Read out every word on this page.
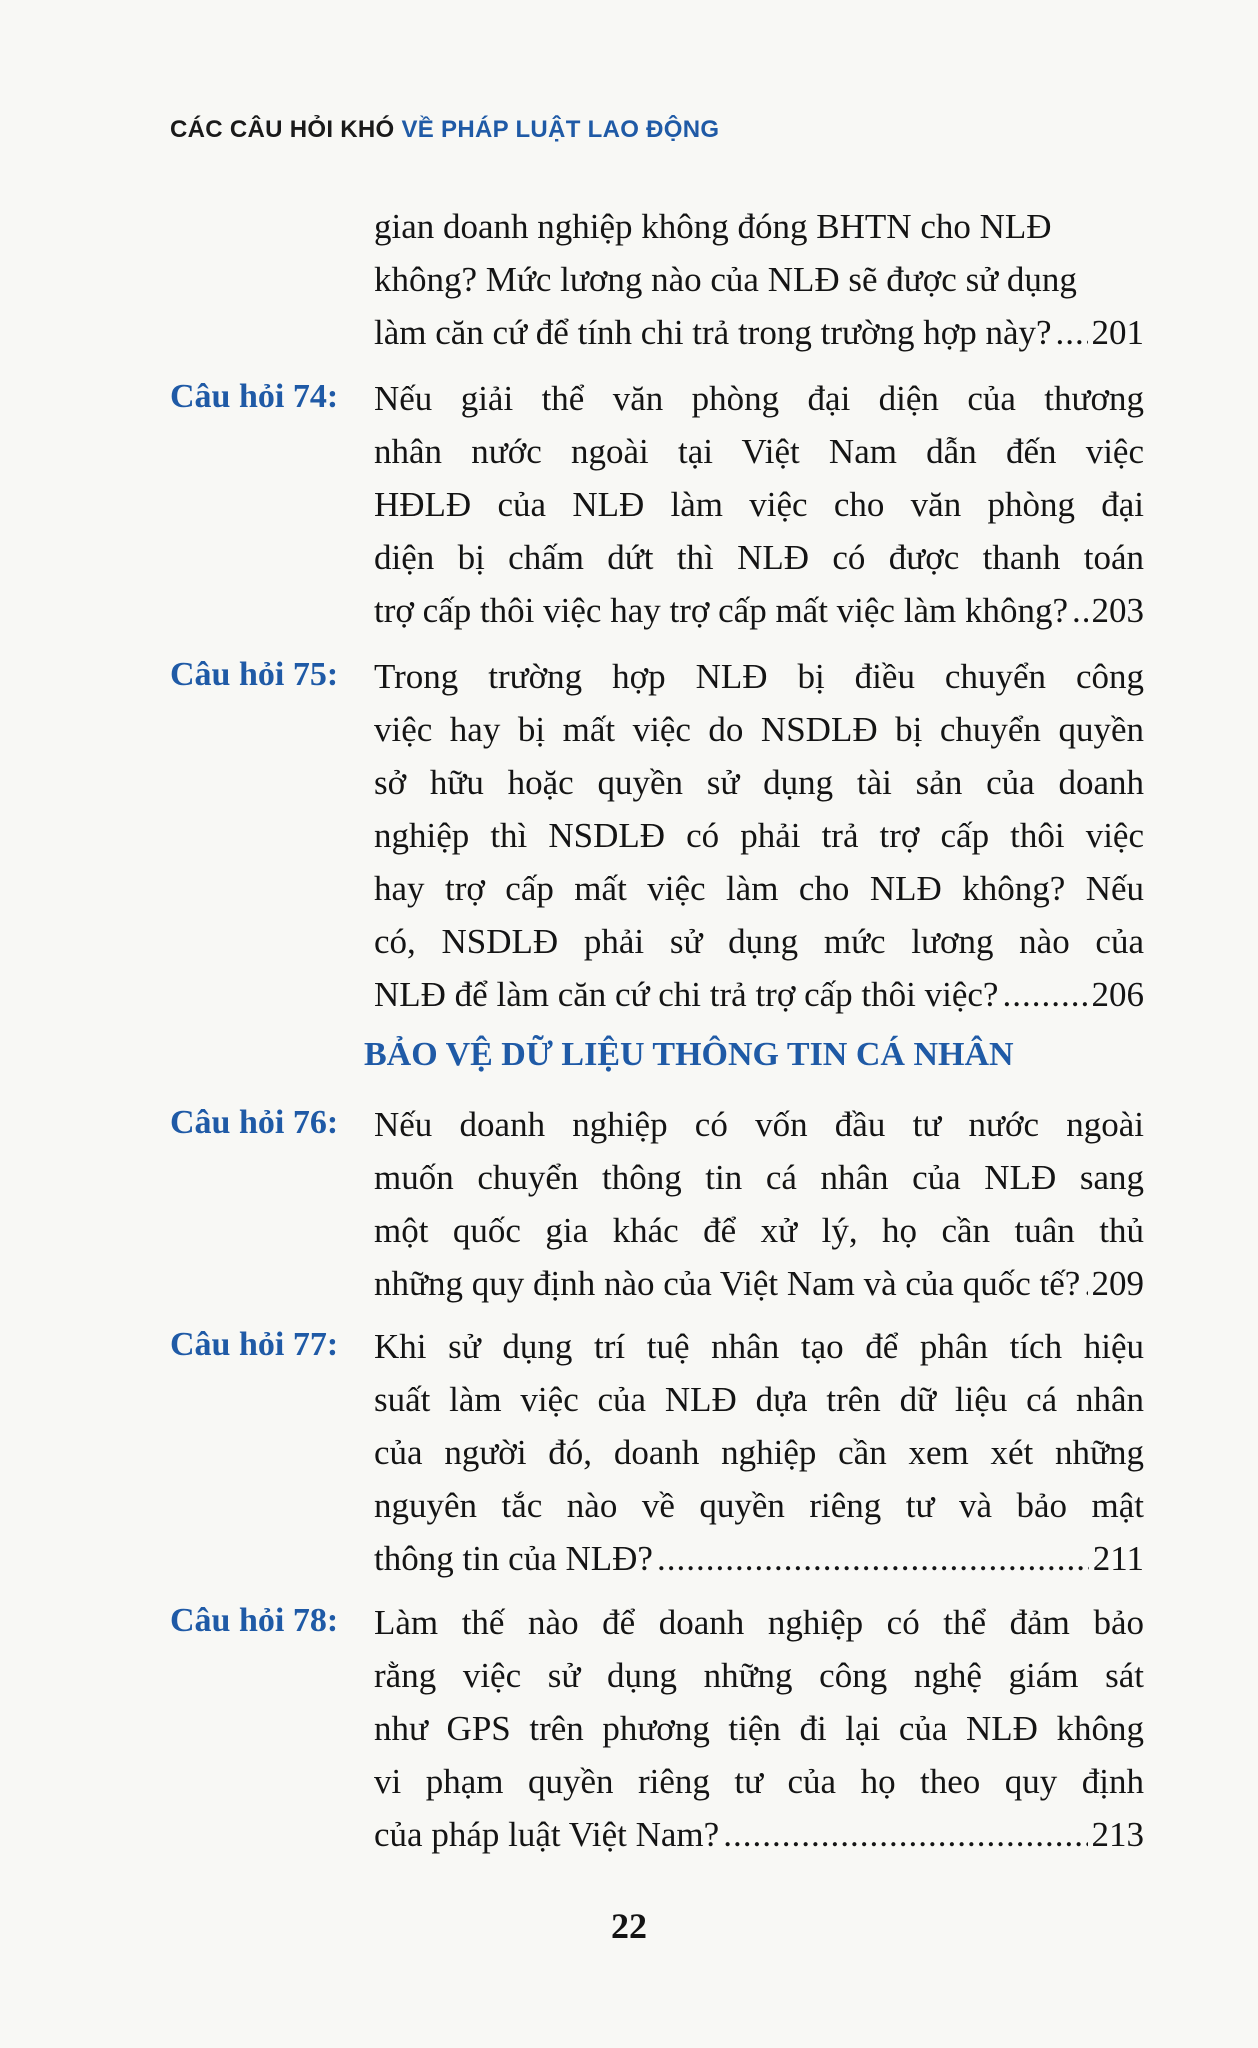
CÁC CÂU HỎI KHÓ VỀ PHÁP LUẬT LAO ĐỘNG
gian doanh nghiệp không đóng BHTN cho NLĐ
không? Mức lương nào của NLĐ sẽ được sử dụng
làm căn cứ để tính chi trả trong trường hợp này? ..... 201
Câu hỏi 74: Nếu giải thể văn phòng đại diện của thương
nhân nước ngoài tại Việt Nam dẫn đến việc
HĐLĐ của NLĐ làm việc cho văn phòng đại
diện bị chấm dứt thì NLĐ có được thanh toán
trợ cấp thôi việc hay trợ cấp mất việc làm không? ..... 203
Câu hỏi 75: Trong trường hợp NLĐ bị điều chuyển công
việc hay bị mất việc do NSDLĐ bị chuyển quyền
sở hữu hoặc quyền sử dụng tài sản của doanh
nghiệp thì NSDLĐ có phải trả trợ cấp thôi việc
hay trợ cấp mất việc làm cho NLĐ không? Nếu
có, NSDLĐ phải sử dụng mức lương nào của
NLĐ để làm căn cứ chi trả trợ cấp thôi việc? .....	206
BẢO VỆ DỮ LIỆU THÔNG TIN CÁ NHÂN
Câu hỏi 76: Nếu doanh nghiệp có vốn đầu tư nước ngoài
muốn chuyển thông tin cá nhân của NLĐ sang
một quốc gia khác để xử lý, họ cần tuân thủ
những quy định nào của Việt Nam và của quốc tế? ..... 209
Câu hỏi 77: Khi sử dụng trí tuệ nhân tạo để phân tích hiệu
suất làm việc của NLĐ dựa trên dữ liệu cá nhân
của người đó, doanh nghiệp cần xem xét những
nguyên tắc nào về quyền riêng tư và bảo mật
thông tin của NLĐ? .....	211
Câu hỏi 78: Làm thế nào để doanh nghiệp có thể đảm bảo
rằng việc sử dụng những công nghệ giám sát
như GPS trên phương tiện đi lại của NLĐ không
vi phạm quyền riêng tư của họ theo quy định
của pháp luật Việt Nam? .....	213
22
